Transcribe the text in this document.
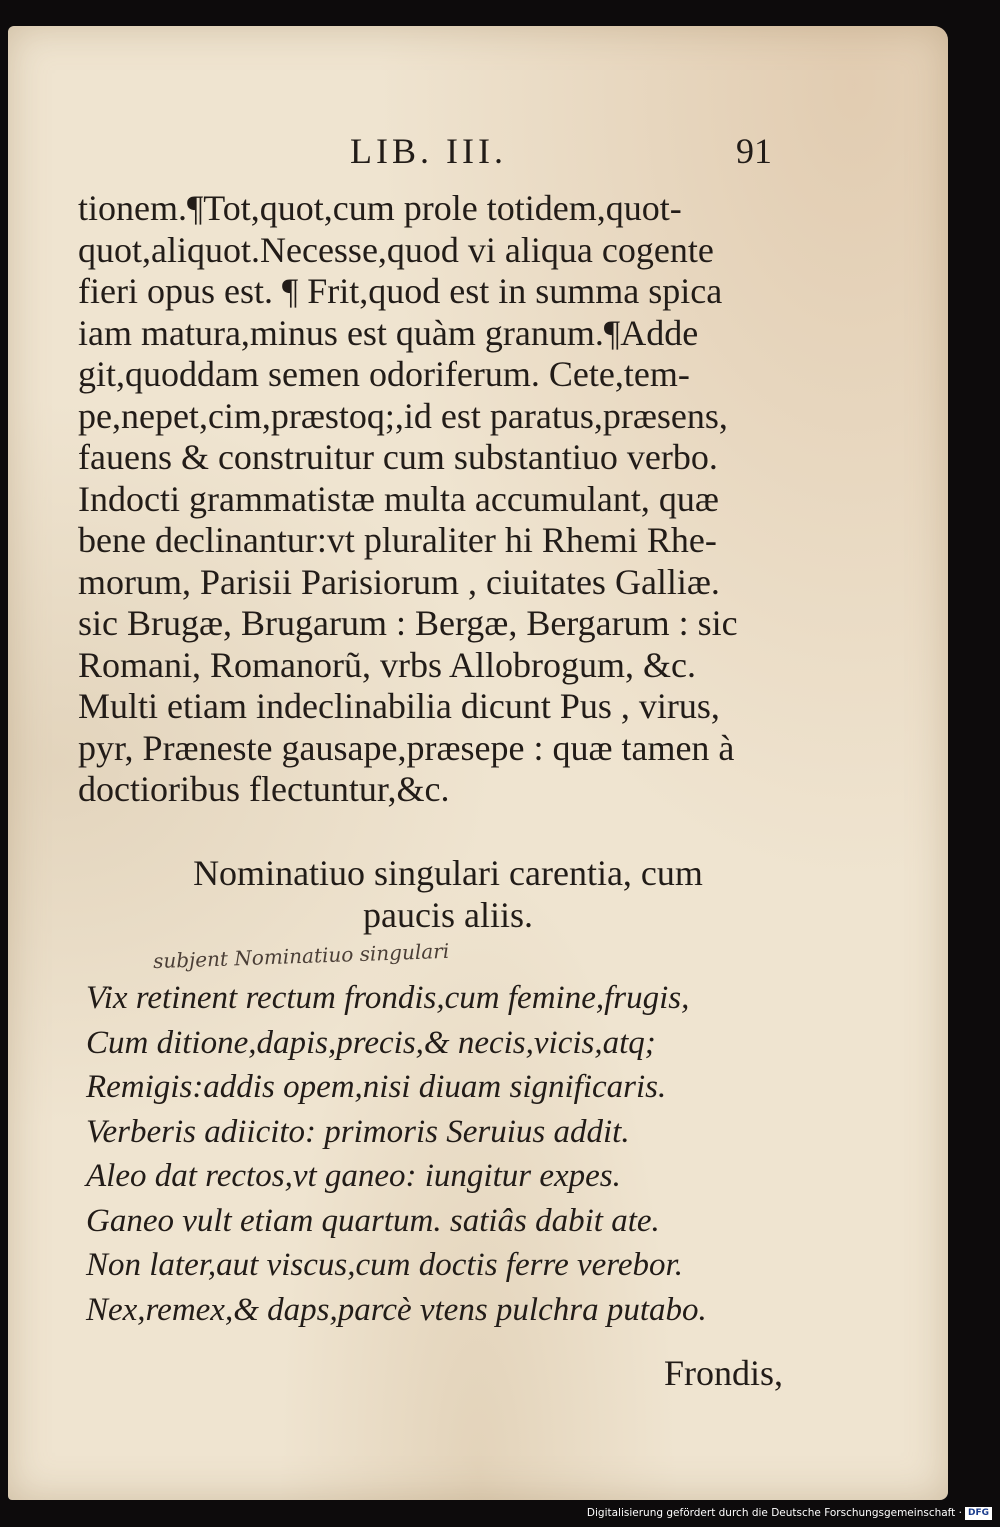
LIB. III.	91
tionem.¶Tot,quot,cum prole totidem,quot-
quot,aliquot.Necesse,quod vi aliqua cogente
fieri opus est. ¶ Frit,quod est in summa spica
iam matura,minus est quàm granum.¶Adde
git,quoddam semen odoriferum. Cete,tem-
pe,nepet,cim,præstoq;,id est paratus,præsens,
fauens & construitur cum substantiuo verbo.
Indocti grammatistæ multa accumulant, quæ
bene declinantur:vt pluraliter hi Rhemi Rhe-
morum, Parisii Parisiorum , ciuitates Galliæ.
sic Brugæ, Brugarum : Bergæ, Bergarum : sic
Romani, Romanorũ, vrbs Allobrogum, &c.
Multi etiam indeclinabilia dicunt Pus , virus,
pyr, Præneste gausape,præsepe : quæ tamen à
doctioribus flectuntur,&c.
Nominatiuo singulari carentia, cum
paucis aliis.
subjent Nominatiuo singulari
Vix retinent rectum frondis,cum femine,frugis,
Cum ditione,dapis,precis,& necis,vicis,atq;
Remigis:addis opem,nisi diuam significaris.
Verberis adiicito: primoris Seruius addit.
Aleo dat rectos,vt ganeo: iungitur expes.
Ganeo vult etiam quartum. satiâs dabit ate.
Non later,aut viscus,cum doctis ferre verebor.
Nex,remex,& daps,parcè vtens pulchra putabo.
Frondis,
Digitalisierung gefördert durch die Deutsche Forschungsgemeinschaft · DFG
